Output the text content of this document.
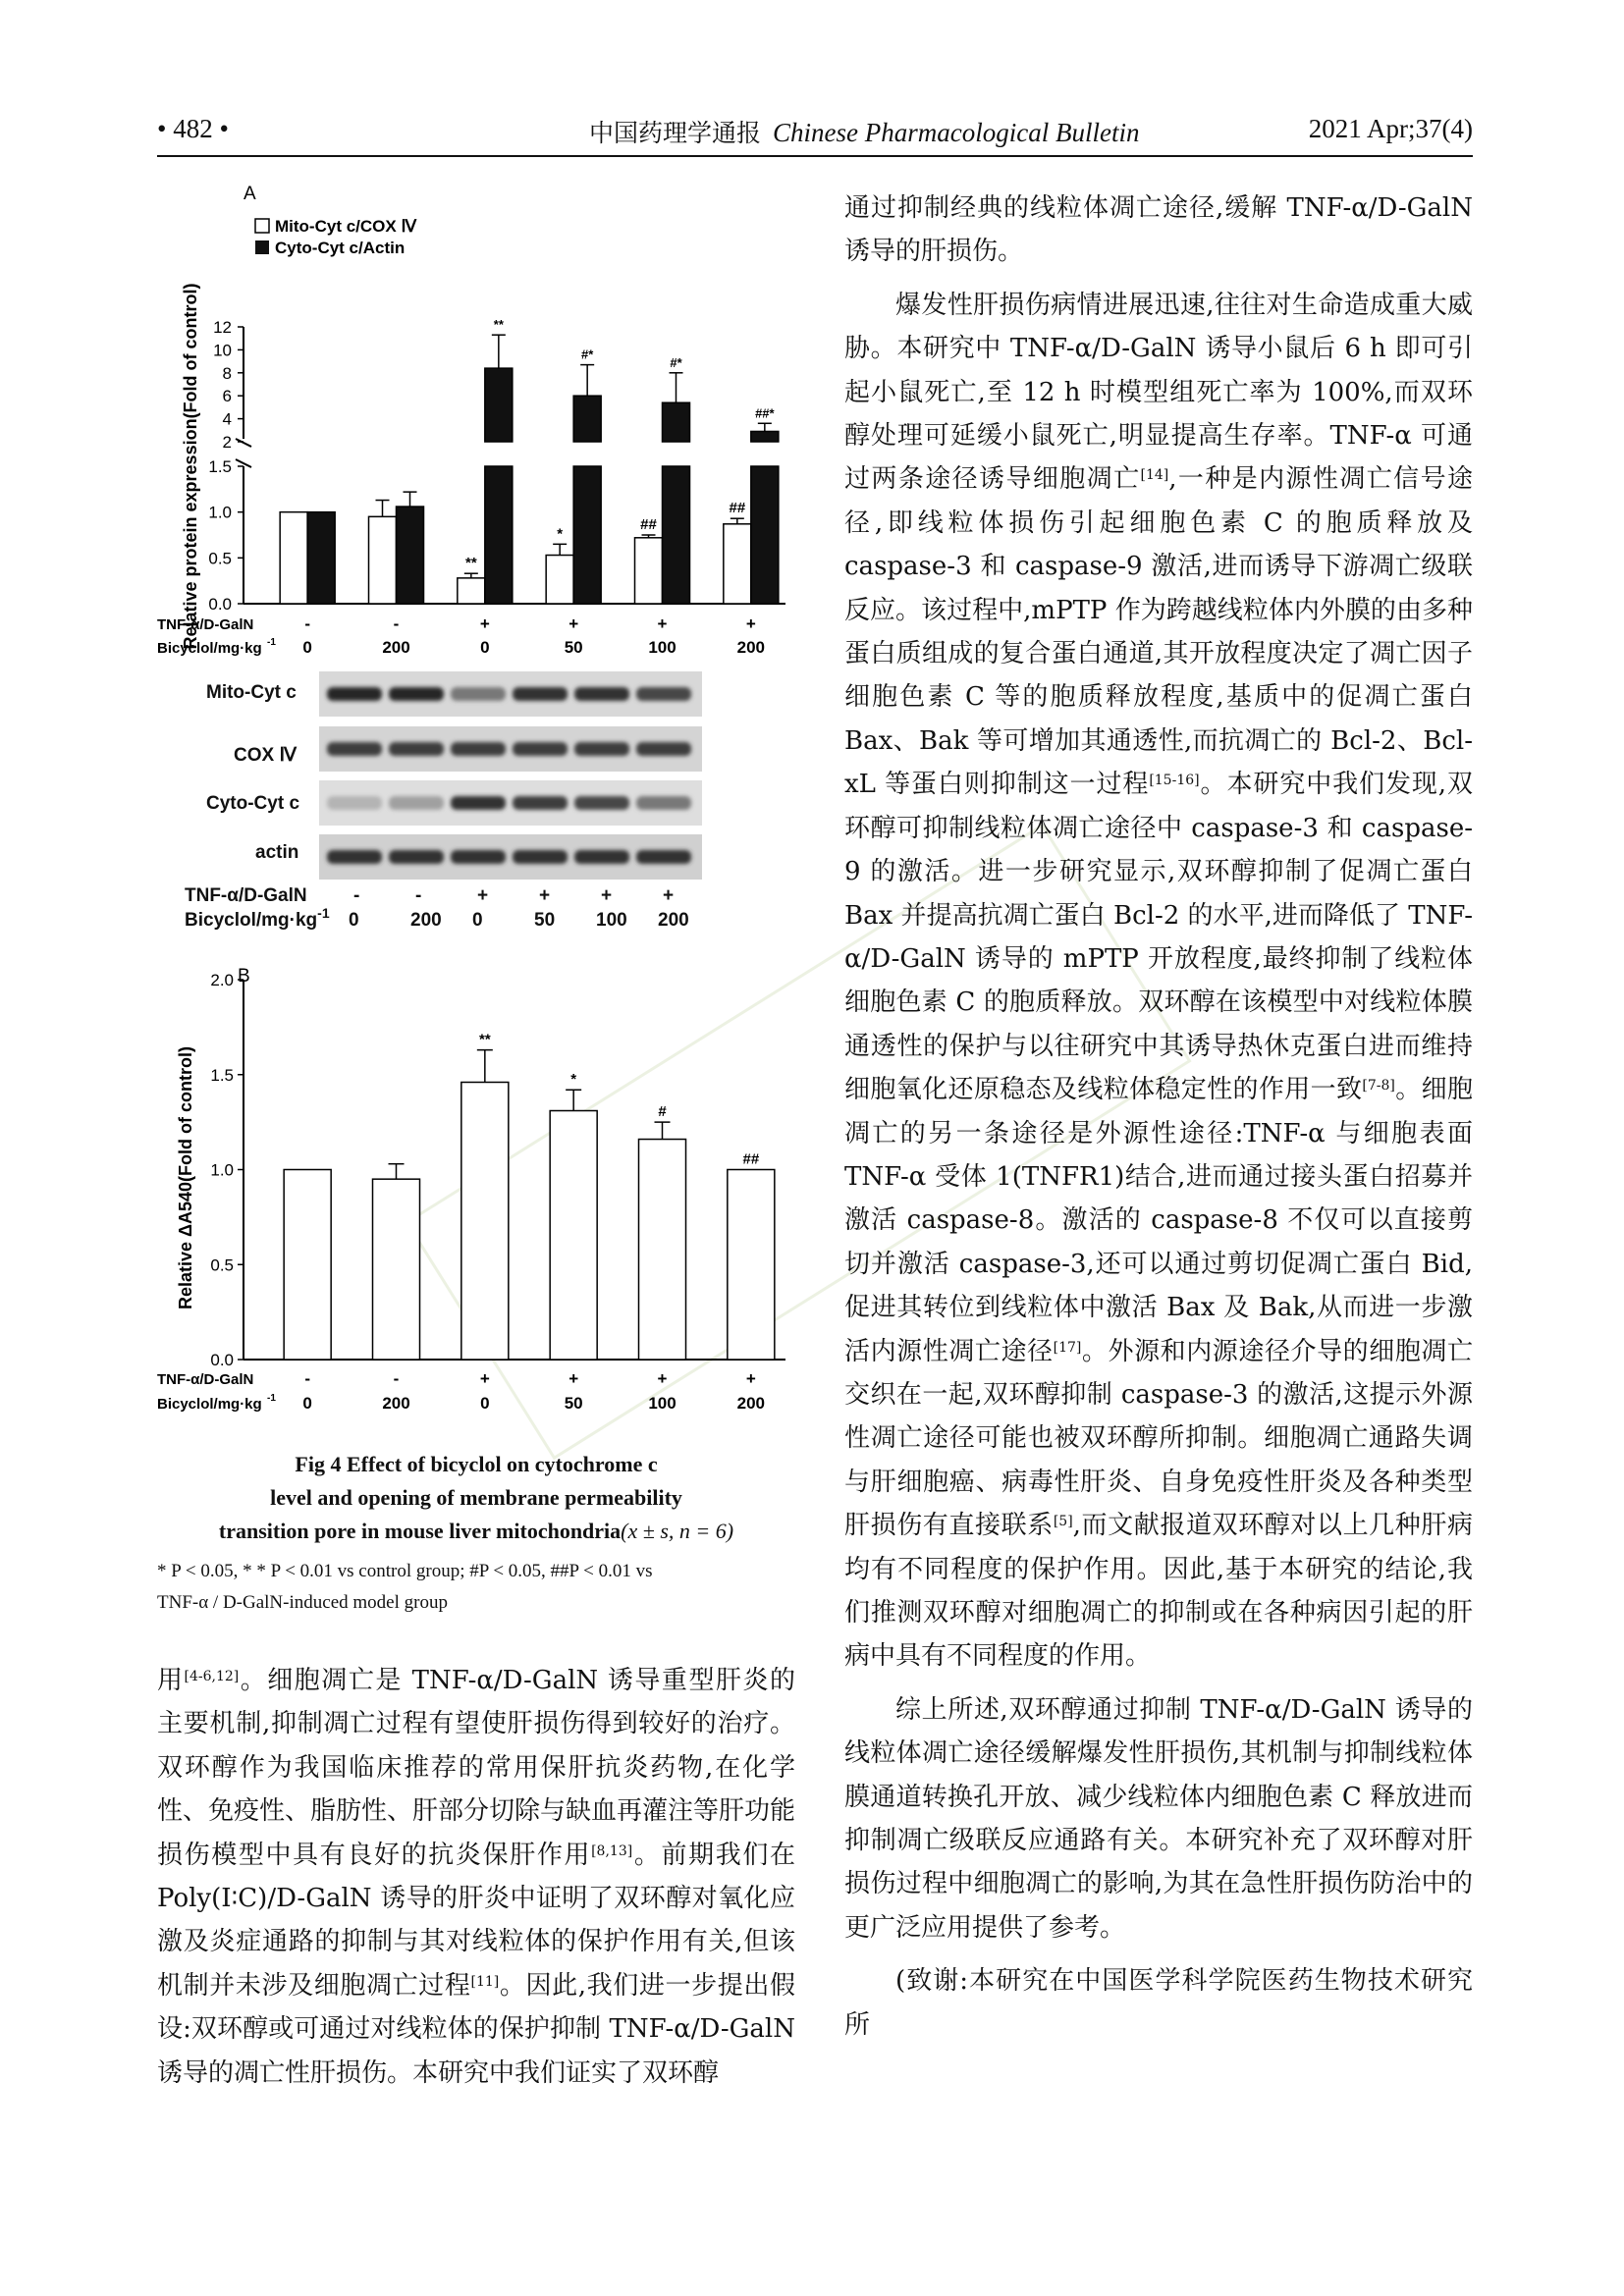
• 482 •	中国药理学通报 Chinese Pharmacological Bulletin	2021 Apr;37(4)
A
Mito-Cyt c/COX Ⅳ
Cyto-Cyt c/Actin
Relative protein expression(Fold of control) 2
4
6
8
10
12
0.0
0.5
1.0
1.5
-
0
-
200
**
**
+
0
*
#*
+
50
##
#*
+
100
##
##*
+
200
TNF-α/D-GalN
Bicyclol/mg·kg -1
Mito-Cyt c
COX Ⅳ
Cyto-Cyt c
actin
TNF-α/D-GalN
Bicyclol/$mg\cdot kg^{-1}$
-	-	+	+	+	+
0	200 0	50 100 200
B
Relative ΔA540(Fold of control)
0.0
0.5
1.0
1.5
2.0
-
0
-
200
**
+
0
*
+
50
#
+
100
##
+
200
TNF-α/D-GalN
Bicyclol/mg·kg -1
Fig 4 Effect of bicyclol on cytochrome c
level and opening of membrane permeability
transition pore in mouse liver mitochondria(x ± s, n = 6)
* P < 0.05, * * P < 0.01 vs control group; #P < 0.05, ##P < 0.01 vs
TNF-α / D-GalN-induced model group

用[4-6,12]。细胞凋亡是 TNF-α/D-GalN 诱导重型肝炎的主要机制,抑制凋亡过程有望使肝损伤得到较好的治疗。双环醇作为我国临床推荐的常用保肝抗炎药物,在化学性、免疫性、脂肪性、肝部分切除与缺血再灌注等肝功能损伤模型中具有良好的抗炎保肝作用[8,13]。前期我们在 Poly(I∶C)/D-GalN 诱导的肝炎中证明了双环醇对氧化应激及炎症通路的抑制与其对线粒体的保护作用有关,但该机制并未涉及细胞凋亡过程[11]。因此,我们进一步提出假设:双环醇或可通过对线粒体的保护抑制 TNF-α/D-GalN 诱导的凋亡性肝损伤。本研究中我们证实了双环醇

通过抑制经典的线粒体凋亡途径,缓解 TNF-α/D-GalN 诱导的肝损伤。

爆发性肝损伤病情进展迅速,往往对生命造成重大威胁。本研究中 TNF-α/D-GalN 诱导小鼠后 6 h 即可引起小鼠死亡,至 12 h 时模型组死亡率为 100%,而双环醇处理可延缓小鼠死亡,明显提高生存率。TNF-α 可通过两条途径诱导细胞凋亡[14],一种是内源性凋亡信号途径,即线粒体损伤引起细胞色素 C 的胞质释放及 caspase-3 和 caspase-9 激活,进而诱导下游凋亡级联反应。该过程中,mPTP 作为跨越线粒体内外膜的由多种蛋白质组成的复合蛋白通道,其开放程度决定了凋亡因子细胞色素 C 等的胞质释放程度,基质中的促凋亡蛋白 Bax、Bak 等可增加其通透性,而抗凋亡的 Bcl-2、Bcl-xL 等蛋白则抑制这一过程[15-16]。本研究中我们发现,双环醇可抑制线粒体凋亡途径中 caspase-3 和 caspase-9 的激活。进一步研究显示,双环醇抑制了促凋亡蛋白 Bax 并提高抗凋亡蛋白 Bcl-2 的水平,进而降低了 TNF-α/D-GalN 诱导的 mPTP 开放程度,最终抑制了线粒体细胞色素 C 的胞质释放。双环醇在该模型中对线粒体膜通透性的保护与以往研究中其诱导热休克蛋白进而维持细胞氧化还原稳态及线粒体稳定性的作用一致[7-8]。细胞凋亡的另一条途径是外源性途径:TNF-α 与细胞表面 TNF-α 受体 1(TNFR1)结合,进而通过接头蛋白招募并激活 caspase-8。激活的 caspase-8 不仅可以直接剪切并激活 caspase-3,还可以通过剪切促凋亡蛋白 Bid,促进其转位到线粒体中激活 Bax 及 Bak,从而进一步激活内源性凋亡途径[17]。外源和内源途径介导的细胞凋亡交织在一起,双环醇抑制 caspase-3 的激活,这提示外源性凋亡途径可能也被双环醇所抑制。细胞凋亡通路失调与肝细胞癌、病毒性肝炎、自身免疫性肝炎及各种类型肝损伤有直接联系[5],而文献报道双环醇对以上几种肝病均有不同程度的保护作用。因此,基于本研究的结论,我们推测双环醇对细胞凋亡的抑制或在各种病因引起的肝病中具有不同程度的作用。

综上所述,双环醇通过抑制 TNF-α/D-GalN 诱导的线粒体凋亡途径缓解爆发性肝损伤,其机制与抑制线粒体膜通道转换孔开放、减少线粒体内细胞色素 C 释放进而抑制凋亡级联反应通路有关。本研究补充了双环醇对肝损伤过程中细胞凋亡的影响,为其在急性肝损伤防治中的更广泛应用提供了参考。

(致谢:本研究在中国医学科学院医药生物技术研究所
